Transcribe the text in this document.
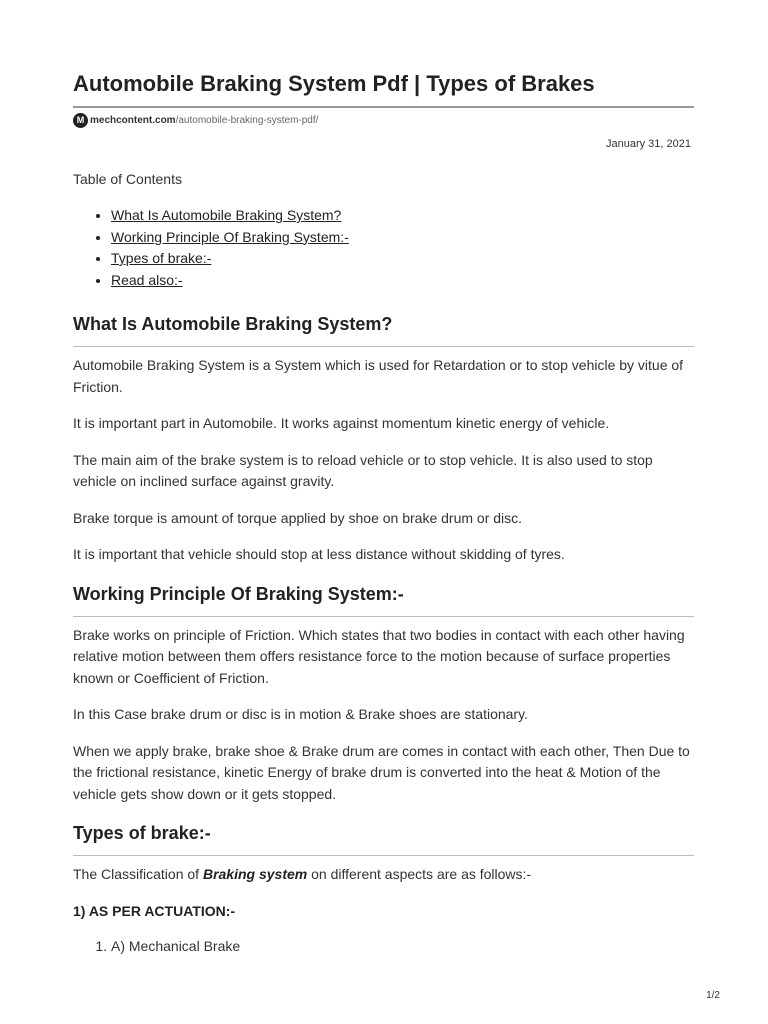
Automobile Braking System Pdf | Types of Brakes
M mechcontent.com /automobile-braking-system-pdf/
January 31, 2021
Table of Contents
• What Is Automobile Braking System?
• Working Principle Of Braking System:-
• Types of brake:-
• Read also:-
What Is Automobile Braking System?

Automobile Braking System is a System which is used for Retardation or to stop vehicle by vitue of Friction.

It is important part in Automobile. It works against momentum kinetic energy of vehicle.

The main aim of the brake system is to reload vehicle or to stop vehicle. It is also used to stop vehicle on inclined surface against gravity.

Brake torque is amount of torque applied by shoe on brake drum or disc.

It is important that vehicle should stop at less distance without skidding of tyres.

Working Principle Of Braking System:-

Brake works on principle of Friction. Which states that two bodies in contact with each other having relative motion between them offers resistance force to the motion because of surface properties known or Coefficient of Friction.

In this Case brake drum or disc is in motion & Brake shoes are stationary.

When we apply brake, brake shoe & Brake drum are comes in contact with each other, Then Due to the frictional resistance, kinetic Energy of brake drum is converted into the heat & Motion of the vehicle gets show down or it gets stopped.

Types of brake:-

The Classification of Braking system on different aspects are as follows:-

1) AS PER ACTUATION:-
1. A) Mechanical Brake
1/2
